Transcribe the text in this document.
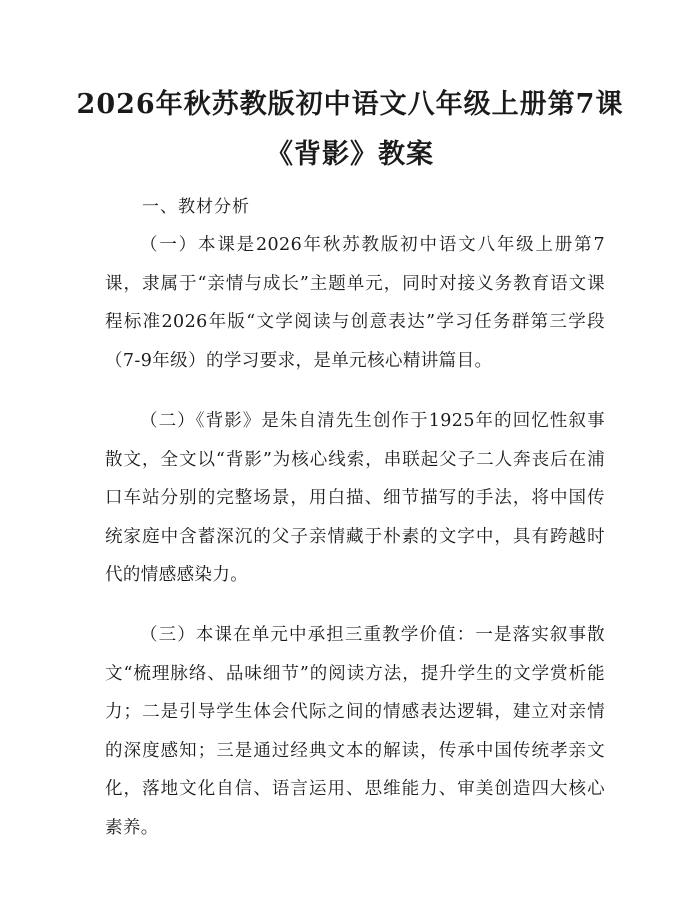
2026年秋苏教版初中语文八年级上册第7课
《背影》教案
一、教材分析

（一）本课是2026年秋苏教版初中语文八年级上册第7课，隶属于“亲情与成长”主题单元，同时对接义务教育语文课程标准2026年版“文学阅读与创意表达”学习任务群第三学段（7-9年级）的学习要求，是单元核心精讲篇目。

（二）《背影》是朱自清先生创作于1925年的回忆性叙事散文，全文以“背影”为核心线索，串联起父子二人奔丧后在浦口车站分别的完整场景，用白描、细节描写的手法，将中国传统家庭中含蓄深沉的父子亲情藏于朴素的文字中，具有跨越时代的情感感染力。

（三）本课在单元中承担三重教学价值：一是落实叙事散文“梳理脉络、品味细节”的阅读方法，提升学生的文学赏析能力；二是引导学生体会代际之间的情感表达逻辑，建立对亲情的深度感知；三是通过经典文本的解读，传承中国传统孝亲文化，落地文化自信、语言运用、思维能力、审美创造四大核心素养。
